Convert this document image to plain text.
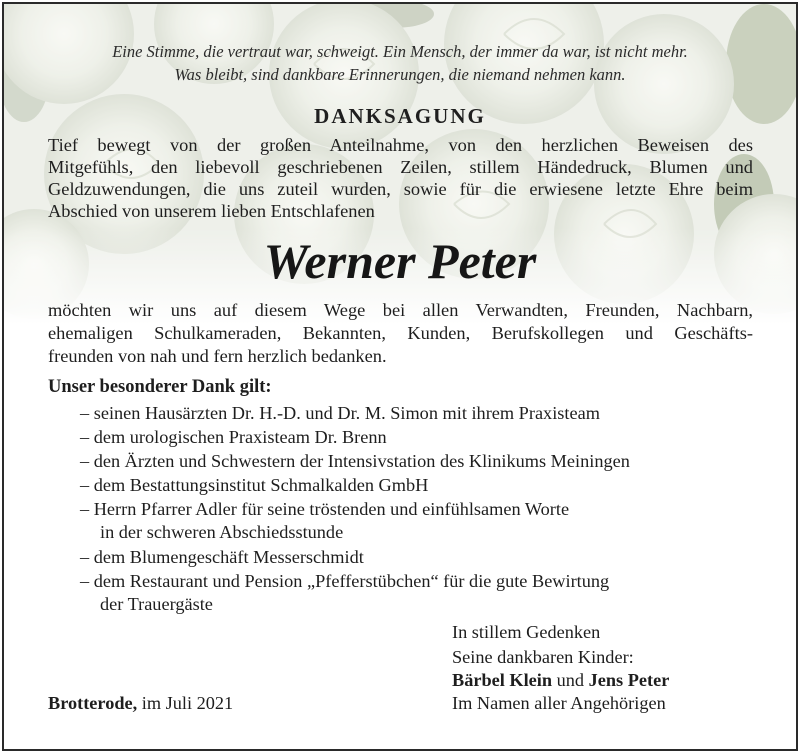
Eine Stimme, die vertraut war, schweigt. Ein Mensch, der immer da war, ist nicht mehr.
Was bleibt, sind dankbare Erinnerungen, die niemand nehmen kann.
DANKSAGUNG
Tief bewegt von der großen Anteilnahme, von den herzlichen Beweisen des
Mitgefühls, den liebevoll geschriebenen Zeilen, stillem Händedruck, Blumen und
Geldzuwendungen, die uns zuteil wurden, sowie für die erwiesene letzte Ehre beim
Abschied von unserem lieben Entschlafenen
Werner Peter
möchten wir uns auf diesem Wege bei allen Verwandten, Freunden, Nachbarn,
ehemaligen Schulkameraden, Bekannten, Kunden, Berufskollegen und Geschäfts-
freunden von nah und fern herzlich bedanken.
Unser besonderer Dank gilt:
– seinen Hausärzten Dr. H.-D. und Dr. M. Simon mit ihrem Praxisteam
– dem urologischen Praxisteam Dr. Brenn
– den Ärzten und Schwestern der Intensivstation des Klinikums Meiningen
– dem Bestattungsinstitut Schmalkalden GmbH
– Herrn Pfarrer Adler für seine tröstenden und einfühlsamen Worte
in der schweren Abschiedsstunde
– dem Blumengeschäft Messerschmidt
– dem Restaurant und Pension „Pfefferstübchen“ für die gute Bewirtung
der Trauergäste
In stillem Gedenken
Seine dankbaren Kinder:
Bärbel Klein und Jens Peter
Im Namen aller Angehörigen
Brotterode, im Juli 2021
